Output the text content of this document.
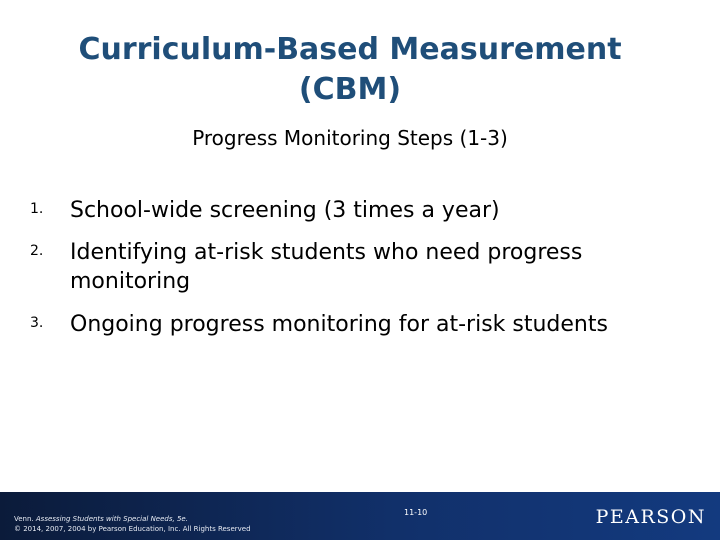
Curriculum-Based Measurement
(CBM)
Progress Monitoring Steps (1-3)
1. School-wide screening (3 times a year)
2. Identifying at-risk students who need progress monitoring
3. Ongoing progress monitoring for at-risk students
Venn. Assessing Students with Special Needs, 5e.
© 2014, 2007, 2004 by Pearson Education, Inc. All Rights Reserved
11-10	PEARSON
